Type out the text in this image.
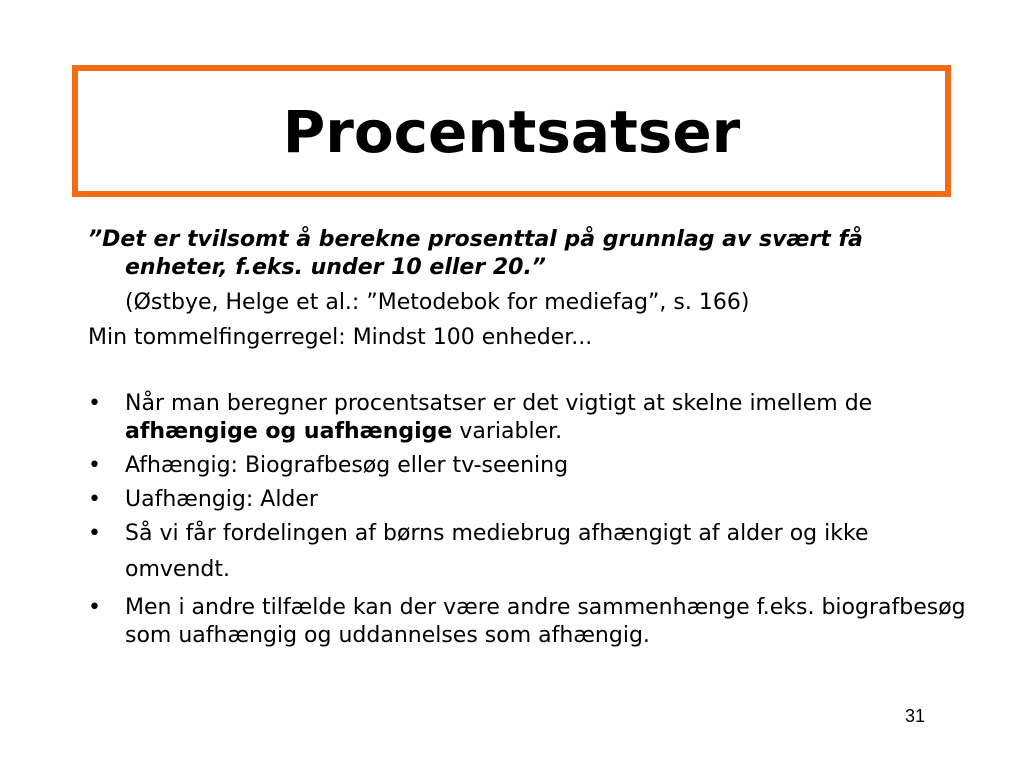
Procentsatser

”Det er tvilsomt å berekne prosenttal på grunnlag av svært få enheter, f.eks. under 10 eller 20.”

(Østbye, Helge et al.: ”Metodebok for mediefag”, s. 166)

Min tommelfingerregel: Mindst 100 enheder...

• Når man beregner procentsatser er det vigtigt at skelne imellem de afhængige og uafhængige variabler.
• Afhængig: Biografbesøg eller tv-seening
• Uafhængig: Alder
• Så vi får fordelingen af børns mediebrug afhængigt af alder og ikke omvendt.
• Men i andre tilfælde kan der være andre sammenhænge f.eks. biografbesøg som uafhængig og uddannelses som afhængig.
31
